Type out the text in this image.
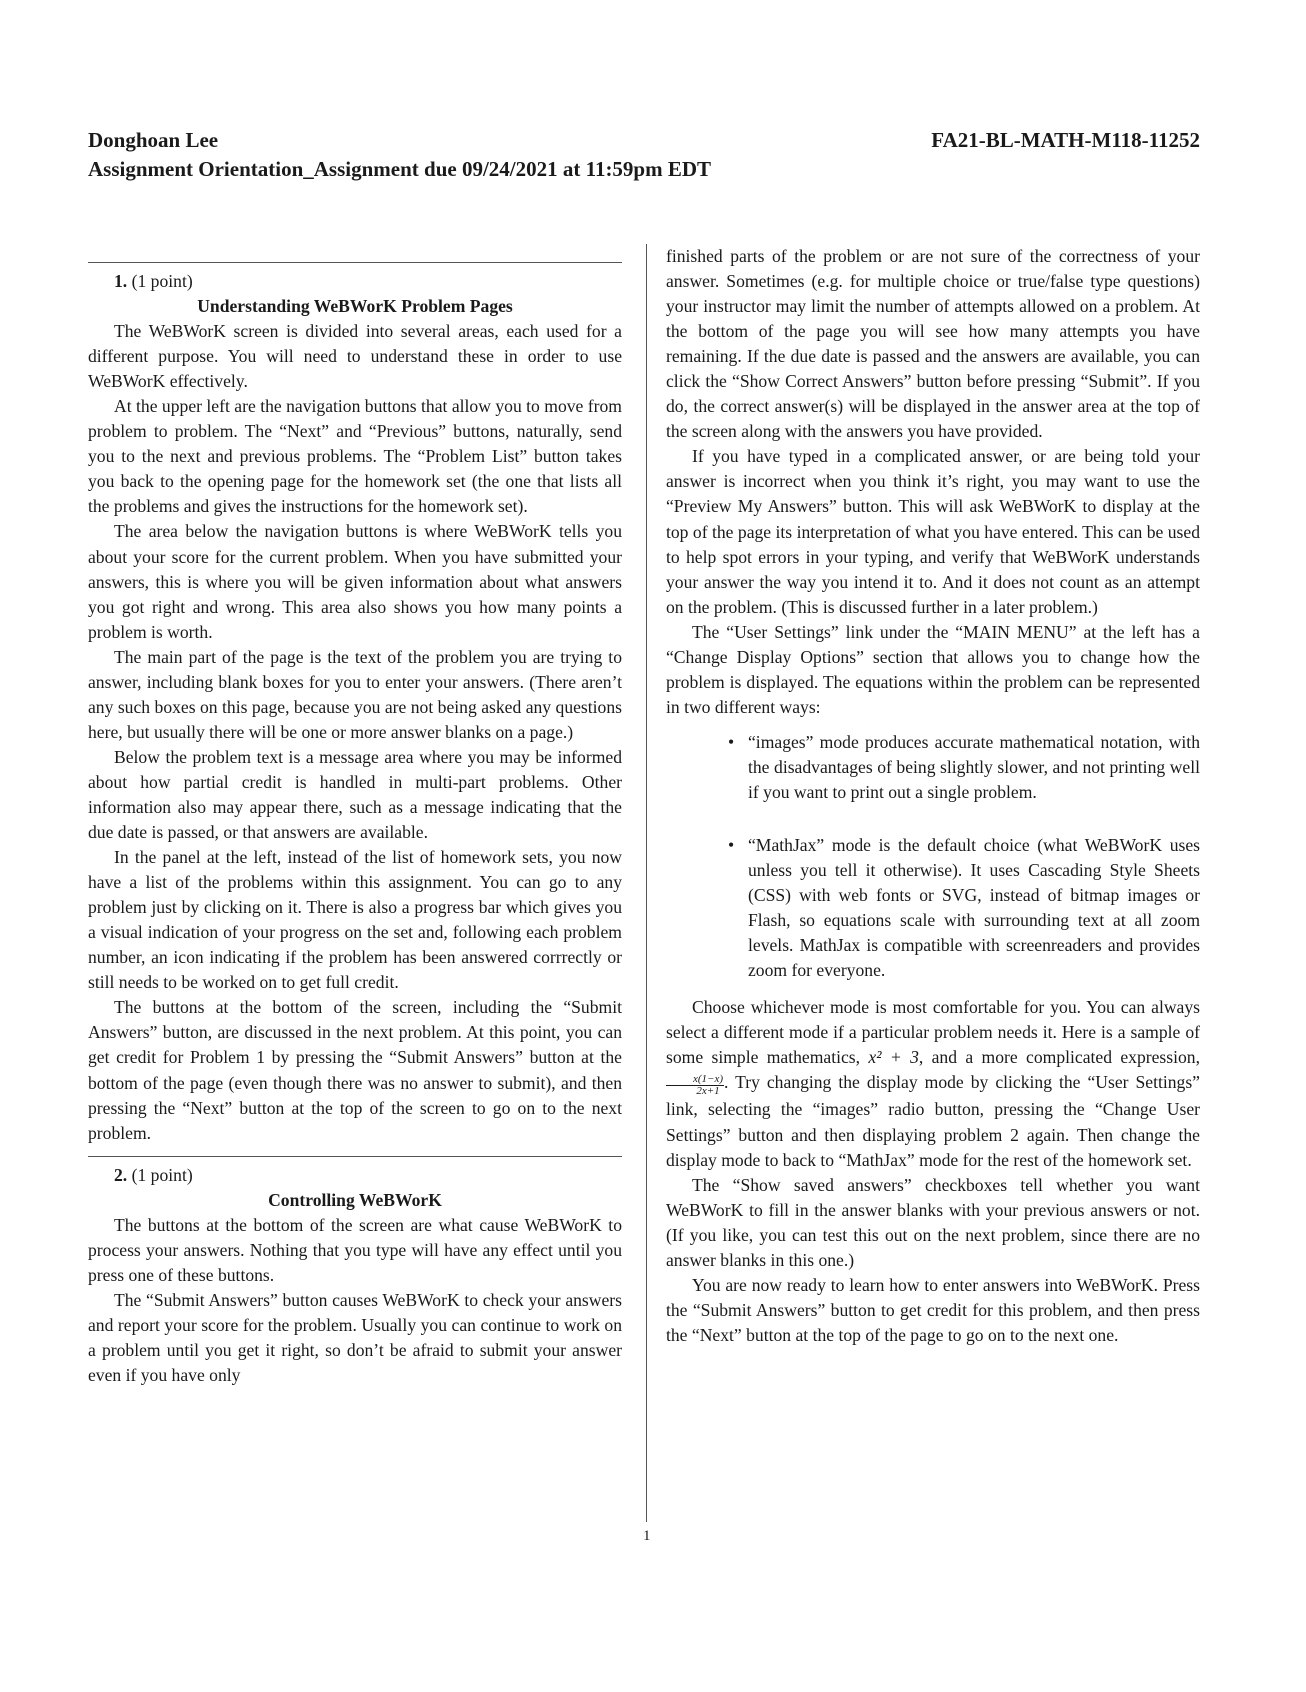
Donghoan Lee	FA21-BL-MATH-M118-11252
Assignment Orientation_Assignment due 09/24/2021 at 11:59pm EDT
1. (1 point)
Understanding WeBWorK Problem Pages

The WeBWorK screen is divided into several areas, each used for a different purpose. You will need to understand these in order to use WeBWorK effectively.

At the upper left are the navigation buttons that allow you to move from problem to problem. The “Next” and “Previous” buttons, naturally, send you to the next and previous problems. The “Problem List” button takes you back to the opening page for the homework set (the one that lists all the problems and gives the instructions for the homework set).

The area below the navigation buttons is where WeBWorK tells you about your score for the current problem. When you have submitted your answers, this is where you will be given information about what answers you got right and wrong. This area also shows you how many points a problem is worth.

The main part of the page is the text of the problem you are trying to answer, including blank boxes for you to enter your answers. (There aren’t any such boxes on this page, because you are not being asked any questions here, but usually there will be one or more answer blanks on a page.)

Below the problem text is a message area where you may be informed about how partial credit is handled in multi-part problems. Other information also may appear there, such as a message indicating that the due date is passed, or that answers are available.

In the panel at the left, instead of the list of homework sets, you now have a list of the problems within this assignment. You can go to any problem just by clicking on it. There is also a progress bar which gives you a visual indication of your progress on the set and, following each problem number, an icon indicating if the problem has been answered corrrectly or still needs to be worked on to get full credit.

The buttons at the bottom of the screen, including the “Submit Answers” button, are discussed in the next problem. At this point, you can get credit for Problem 1 by pressing the “Submit Answers” button at the bottom of the page (even though there was no answer to submit), and then pressing the “Next” button at the top of the screen to go on to the next problem.

2. (1 point)
Controlling WeBWorK

The buttons at the bottom of the screen are what cause WeBWorK to process your answers. Nothing that you type will have any effect until you press one of these buttons.

The “Submit Answers” button causes WeBWorK to check your answers and report your score for the problem. Usually you can continue to work on a problem until you get it right, so don’t be afraid to submit your answer even if you have only

finished parts of the problem or are not sure of the correctness of your answer. Sometimes (e.g. for multiple choice or true/false type questions) your instructor may limit the number of attempts allowed on a problem. At the bottom of the page you will see how many attempts you have remaining. If the due date is passed and the answers are available, you can click the “Show Correct Answers” button before pressing “Submit”. If you do, the correct answer(s) will be displayed in the answer area at the top of the screen along with the answers you have provided.

If you have typed in a complicated answer, or are being told your answer is incorrect when you think it’s right, you may want to use the “Preview My Answers” button. This will ask WeBWorK to display at the top of the page its interpretation of what you have entered. This can be used to help spot errors in your typing, and verify that WeBWorK understands your answer the way you intend it to. And it does not count as an attempt on the problem. (This is discussed further in a later problem.)

The “User Settings” link under the “MAIN MENU” at the left has a “Change Display Options” section that allows you to change how the problem is displayed. The equations within the problem can be represented in two different ways:

• “images” mode produces accurate mathematical notation, with the disadvantages of being slightly slower, and not printing well if you want to print out a single problem.
• “MathJax” mode is the default choice (what WeBWorK uses unless you tell it otherwise). It uses Cascading Style Sheets (CSS) with web fonts or SVG, instead of bitmap images or Flash, so equations scale with surrounding text at all zoom levels. MathJax is compatible with screenreaders and provides zoom for everyone.

Choose whichever mode is most comfortable for you. You can always select a different mode if a particular problem needs it. Here is a sample of some simple mathematics, x² + 3, and a more complicated expression,
$\frac{x(1-x)}{2x+1}$ . Try changing the display mode by clicking the “User Settings” link, selecting the “images” radio button, pressing the “Change User Settings” button and then displaying problem 2 again. Then change the display mode to back to “MathJax” mode for the rest of the homework set.

The “Show saved answers” checkboxes tell whether you want WeBWorK to fill in the answer blanks with your previous answers or not. (If you like, you can test this out on the next problem, since there are no answer blanks in this one.)

You are now ready to learn how to enter answers into WeBWorK. Press the “Submit Answers” button to get credit for this problem, and then press the “Next” button at the top of the page to go on to the next one.

1
